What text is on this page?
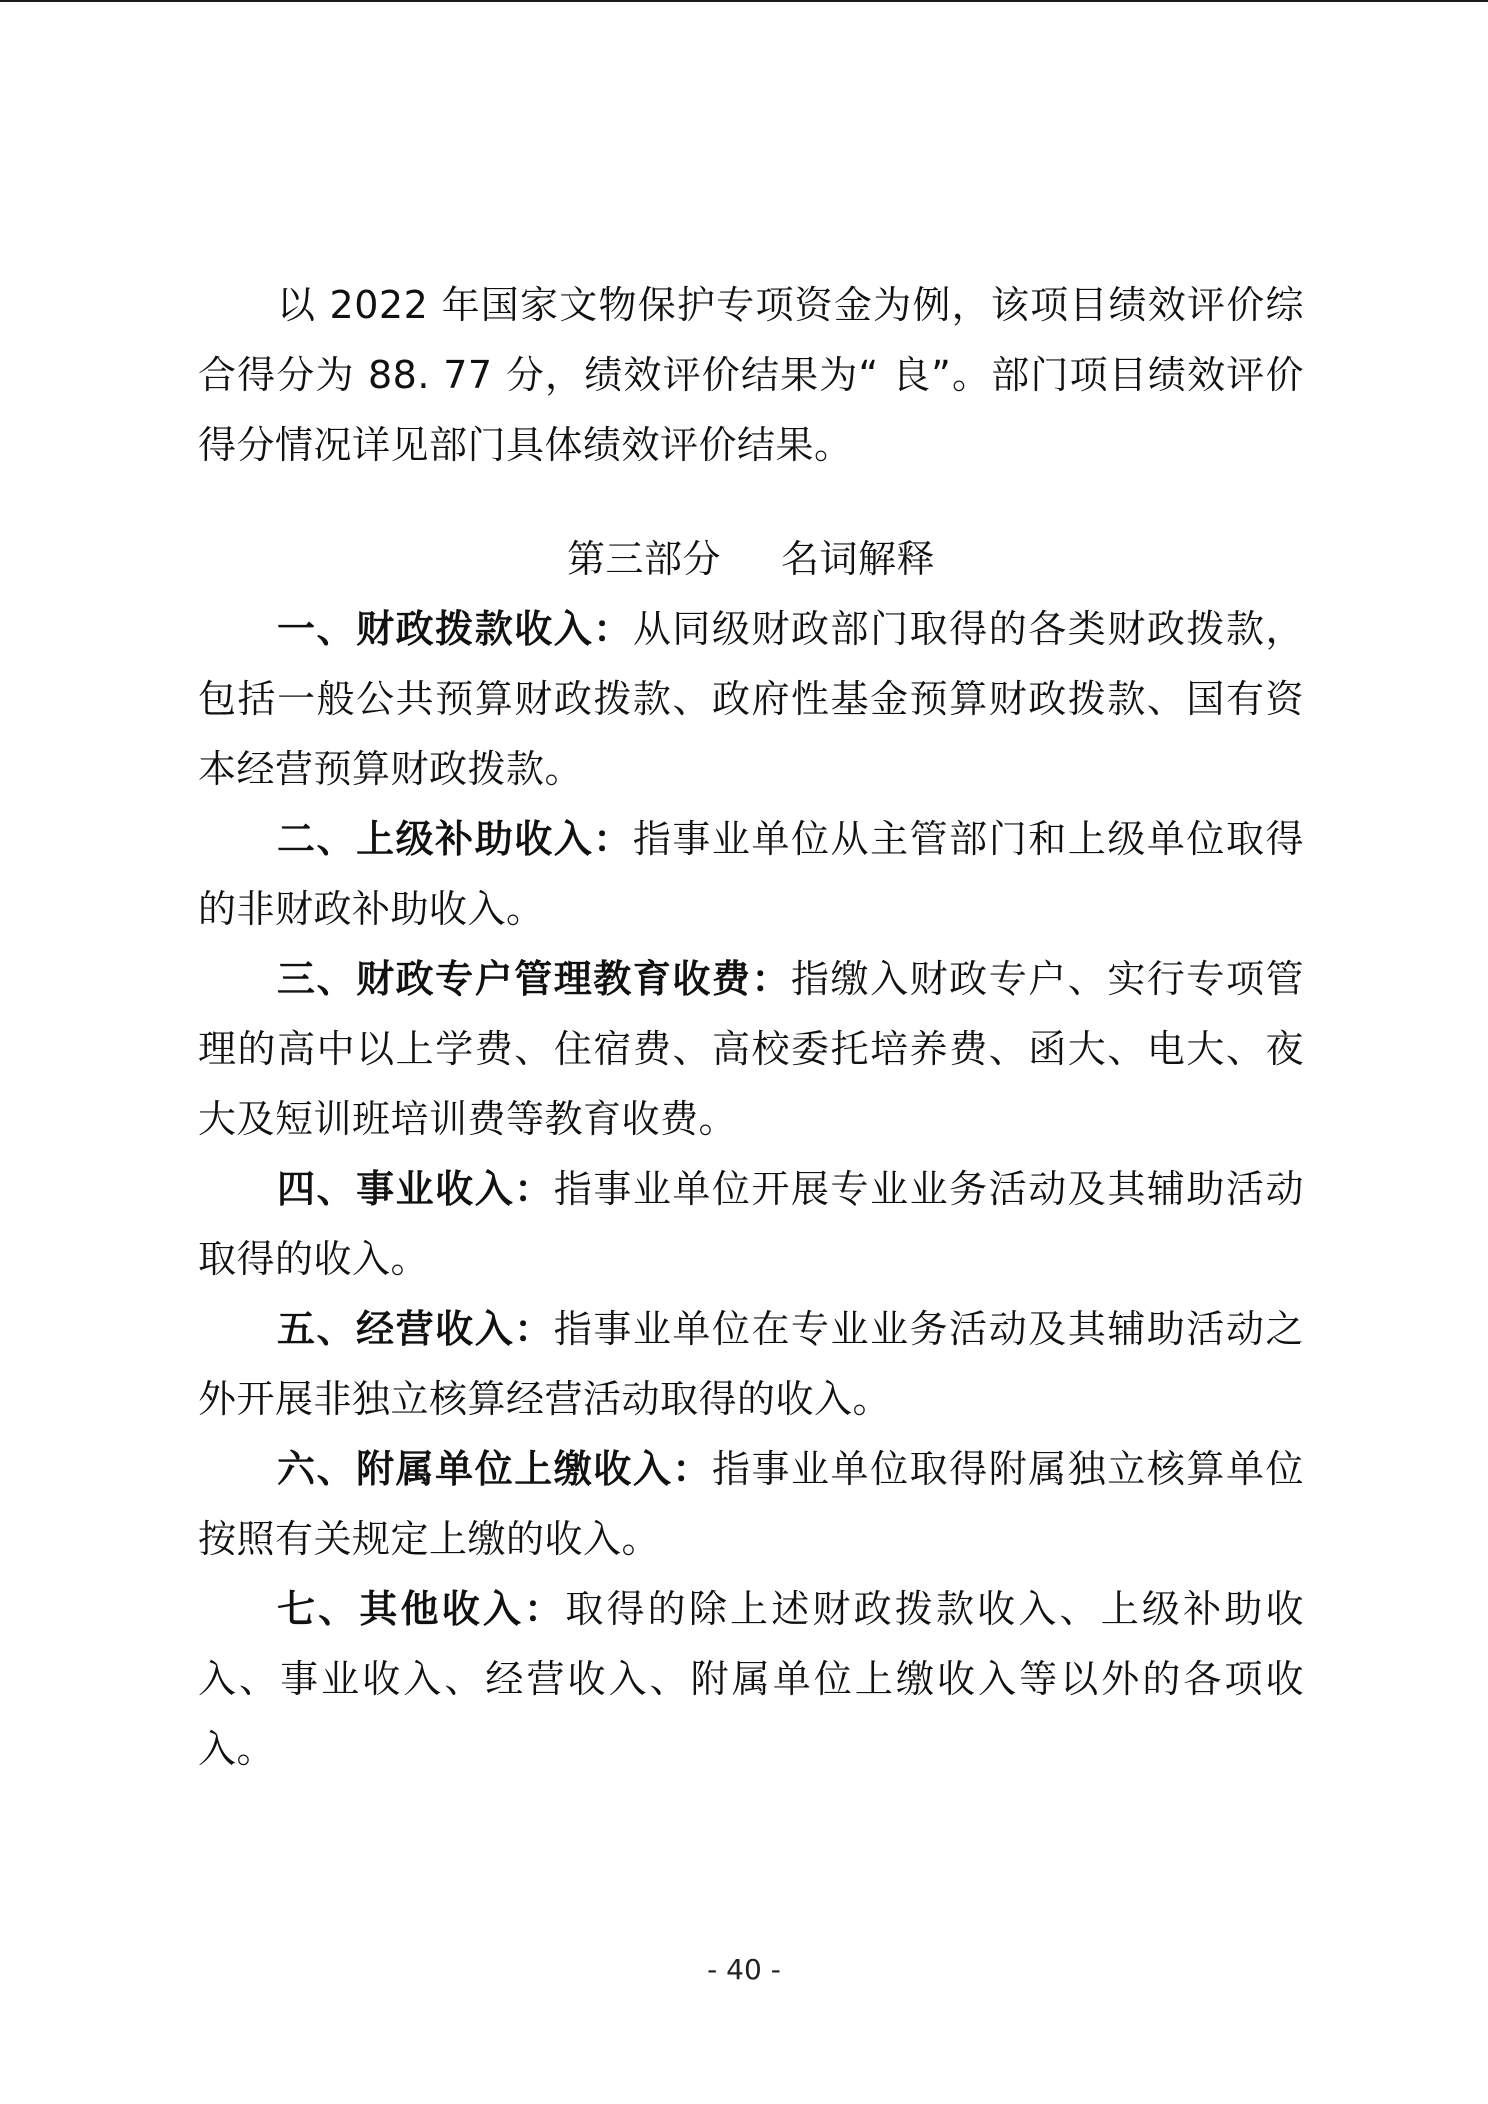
以 2022 年国家文物保护专项资金为例，该项目绩效评价综合得分为 88. 77 分，绩效评价结果为“ 良”。部门项目绩效评价得分情况详见部门具体绩效评价结果。

第三部分 名词解释

一、财政拨款收入：从同级财政部门取得的各类财政拨款，包括一般公共预算财政拨款、政府性基金预算财政拨款、国有资本经营预算财政拨款。

二、上级补助收入：指事业单位从主管部门和上级单位取得的非财政补助收入。

三、财政专户管理教育收费：指缴入财政专户、实行专项管理的高中以上学费、住宿费、高校委托培养费、函大、电大、夜大及短训班培训费等教育收费。

四、事业收入：指事业单位开展专业业务活动及其辅助活动取得的收入。

五、经营收入：指事业单位在专业业务活动及其辅助活动之外开展非独立核算经营活动取得的收入。

六、附属单位上缴收入：指事业单位取得附属独立核算单位按照有关规定上缴的收入。

七、其他收入：取得的除上述财政拨款收入、上级补助收入、事业收入、经营收入、附属单位上缴收入等以外的各项收入。

- 40 -
